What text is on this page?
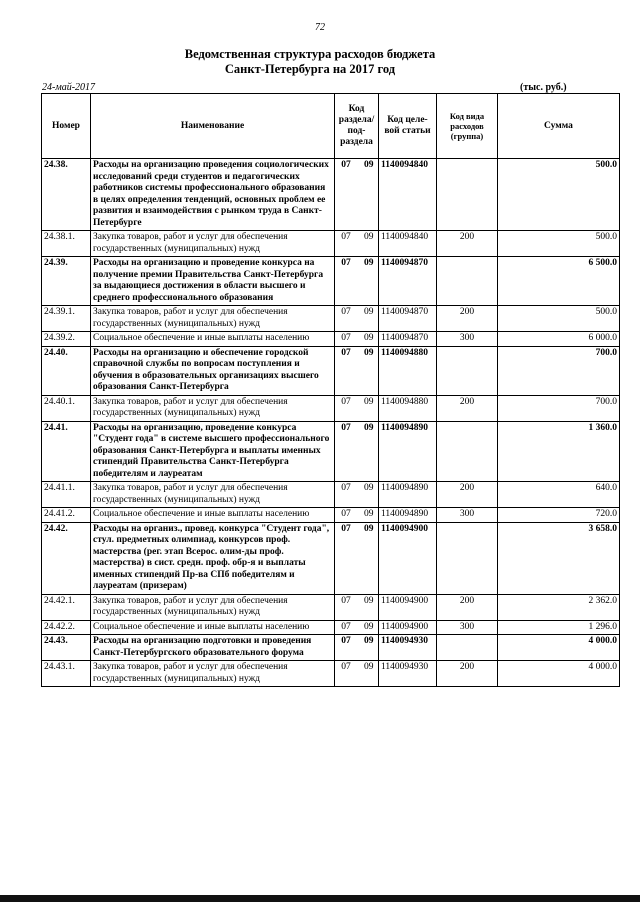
72
Ведомственная структура расходов бюджета
Санкт-Петербурга на 2017 год
24-май-2017	(тыс. руб.)
Номер	Наименование	Код раздела/ под-раздела	Код целе-вой статьи	Код вида расходов (группа)	Сумма
24.38.	Расходы на организацию проведения социологических исследований среди студентов и педагогических работников системы профессионального образования в целях определения тенденций, основных проблем ее развития и взаимодействия с рынком труда в Санкт-Петербурге	07 09	1140094840		500.0
24.38.1.	Закупка товаров, работ и услуг для обеспечения государственных (муниципальных) нужд	07 09	1140094840	200	500.0
24.39.	Расходы на организацию и проведение конкурса на получение премии Правительства Санкт-Петербурга за выдающиеся достижения в области высшего и среднего профессионального образования	07 09	1140094870		6 500.0
24.39.1.	Закупка товаров, работ и услуг для обеспечения государственных (муниципальных) нужд	07 09	1140094870	200	500.0
24.39.2.	Социальное обеспечение и иные выплаты населению	07 09	1140094870	300	6 000.0
24.40.	Расходы на организацию и обеспечение городской справочной службы по вопросам поступления и обучения в образовательных организациях высшего образования Санкт-Петербурга	07 09	1140094880		700.0
24.40.1.	Закупка товаров, работ и услуг для обеспечения государственных (муниципальных) нужд	07 09	1140094880	200	700.0
24.41.	Расходы на организацию, проведение конкурса "Студент года" в системе высшего профессионального образования Санкт-Петербурга и выплаты именных стипендий Правительства Санкт-Петербурга победителям и лауреатам	07 09	1140094890		1 360.0
24.41.1.	Закупка товаров, работ и услуг для обеспечения государственных (муниципальных) нужд	07 09	1140094890	200	640.0
24.41.2.	Социальное обеспечение и иные выплаты населению	07 09	1140094890	300	720.0
24.42.	Расходы на организ., провед. конкурса "Студент года", стул. предметных олимпиад, конкурсов проф. мастерства (рег. этап Всерос. олим-ды проф. мастерства) в сист. средн. проф. обр-я и выплаты именных стипендий Пр-ва СПб победителям и лауреатам (призерам)	07 09	1140094900		3 658.0
24.42.1.	Закупка товаров, работ и услуг для обеспечения государственных (муниципальных) нужд	07 09	1140094900	200	2 362.0
24.42.2.	Социальное обеспечение и иные выплаты населению	07 09	1140094900	300	1 296.0
24.43.	Расходы на организацию подготовки и проведения Санкт-Петербургского образовательного форума	07 09	1140094930		4 000.0
24.43.1.	Закупка товаров, работ и услуг для обеспечения государственных (муниципальных) нужд	07 09	1140094930	200	4 000.0
